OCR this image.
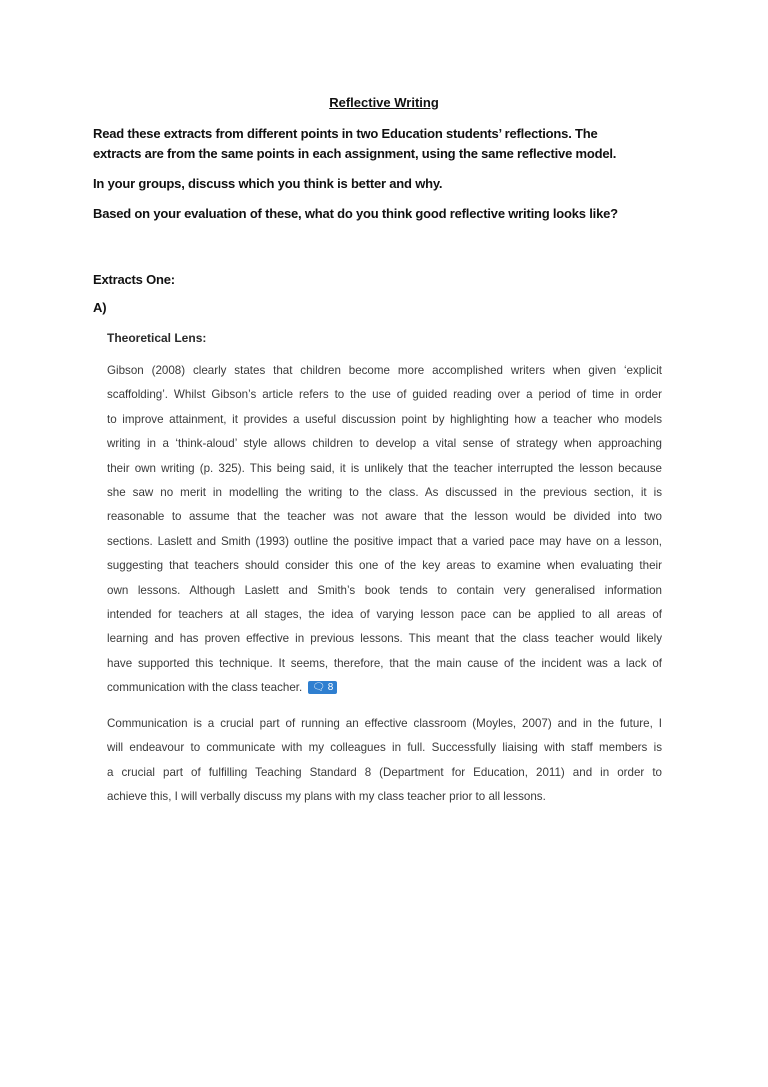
Reflective Writing
Read these extracts from different points in two Education students’ reflections. The
extracts are from the same points in each assignment, using the same reflective model.
In your groups, discuss which you think is better and why.
Based on your evaluation of these, what do you think good reflective writing looks like?
Extracts One:
A)
Theoretical Lens:
Gibson (2008) clearly states that children become more accomplished writers when given ‘explicit
scaffolding’. Whilst Gibson’s article refers to the use of guided reading over a period of time in order
to improve attainment, it provides a useful discussion point by highlighting how a teacher who models
writing in a ‘think-aloud’ style allows children to develop a vital sense of strategy when approaching
their own writing (p. 325). This being said, it is unlikely that the teacher interrupted the lesson because
she saw no merit in modelling the writing to the class. As discussed in the previous section, it is
reasonable to assume that the teacher was not aware that the lesson would be divided into two
sections. Laslett and Smith (1993) outline the positive impact that a varied pace may have on a lesson,
suggesting that teachers should consider this one of the key areas to examine when evaluating their
own lessons. Although Laslett and Smith’s book tends to contain very generalised information
intended for teachers at all stages, the idea of varying lesson pace can be applied to all areas of
learning and has proven effective in previous lessons. This meant that the class teacher would likely
have supported this technique. It seems, therefore, that the main cause of the incident was a lack of
communication with the class teacher. 🗨 8
Communication is a crucial part of running an effective classroom (Moyles, 2007) and in the future, I
will endeavour to communicate with my colleagues in full. Successfully liaising with staff members is
a crucial part of fulfilling Teaching Standard 8 (Department for Education, 2011) and in order to
achieve this, I will verbally discuss my plans with my class teacher prior to all lessons.
